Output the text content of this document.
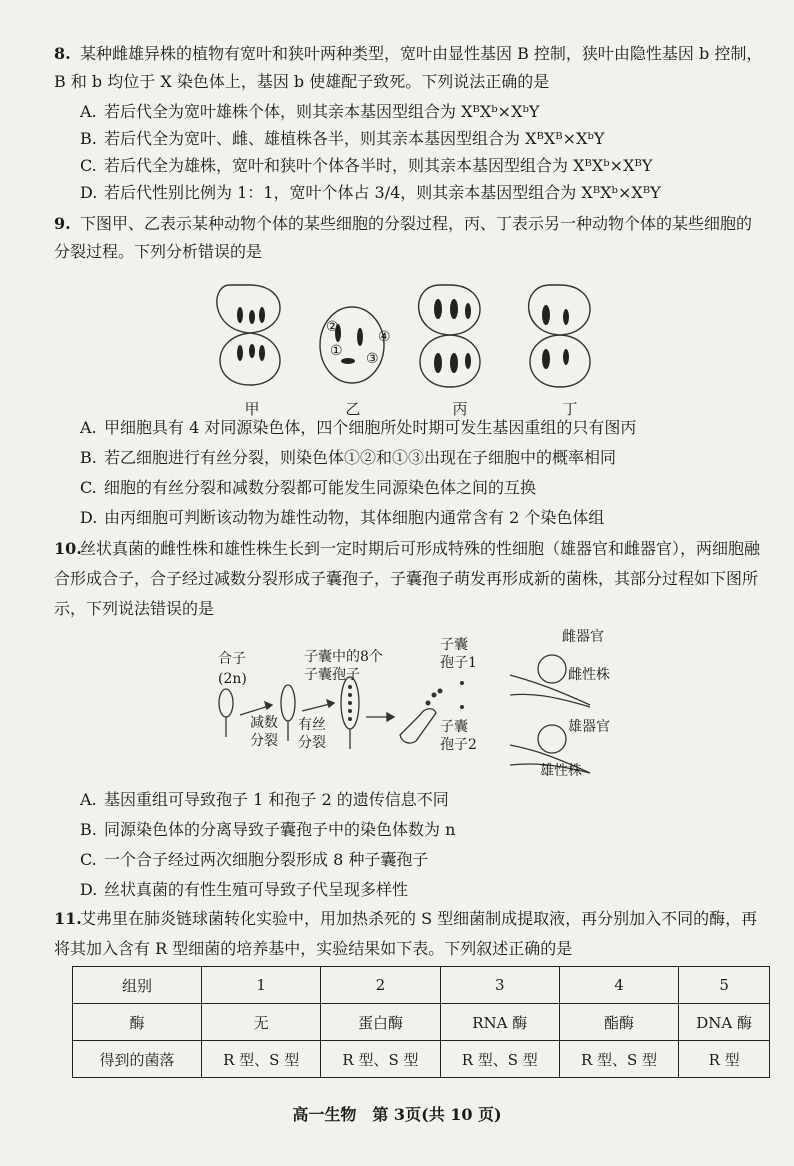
8. 某种雌雄异株的植物有宽叶和狭叶两种类型，宽叶由显性基因 B 控制，狭叶由隐性基因 b 控制，B 和 b 均位于 X 染色体上，基因 b 使雄配子致死。下列说法正确的是
A. 若后代全为宽叶雄株个体，则其亲本基因型组合为 XᴮXᵇ×XᵇY
B. 若后代全为宽叶、雌、雄植株各半，则其亲本基因型组合为 XᴮXᴮ×XᵇY
C. 若后代全为雄株，宽叶和狭叶个体各半时，则其亲本基因型组合为 XᴮXᵇ×XᴮY
D. 若后代性别比例为 1：1，宽叶个体占 3/4，则其亲本基因型组合为 XᴮXᵇ×XᴮY
9. 下图甲、乙表示某种动物个体的某些细胞的分裂过程，丙、丁表示另一种动物个体的某些细胞的分裂过程。下列分析错误的是
②
① ③
④
甲	乙	丙	丁
A. 甲细胞具有 4 对同源染色体，四个细胞所处时期可发生基因重组的只有图丙
B. 若乙细胞进行有丝分裂，则染色体①②和①③出现在子细胞中的概率相同
C. 细胞的有丝分裂和减数分裂都可能发生同源染色体之间的互换
D. 由丙细胞可判断该动物为雄性动物，其体细胞内通常含有 2 个染色体组
10.丝状真菌的雌性株和雄性株生长到一定时期后可形成特殊的性细胞（雄器官和雌器官），两细胞融合形成合子，合子经过减数分裂形成子囊孢子，子囊孢子萌发再形成新的菌株，其部分过程如下图所示，下列说法错误的是
合子
(2n)
子囊中的8个子囊孢子
减数分裂
有丝分裂
子囊孢子1
子囊孢子2
雌器官
雌性株
雄器官
雄性株
A. 基因重组可导致孢子 1 和孢子 2 的遗传信息不同
B. 同源染色体的分离导致子囊孢子中的染色体数为 n
C. 一个合子经过两次细胞分裂形成 8 种子囊孢子
D. 丝状真菌的有性生殖可导致子代呈现多样性
11.艾弗里在肺炎链球菌转化实验中，用加热杀死的 S 型细菌制成提取液，再分别加入不同的酶，再将其加入含有 R 型细菌的培养基中，实验结果如下表。下列叙述正确的是
组别	1	2	3	4	5
酶	无	蛋白酶	RNA 酶	酯酶	DNA 酶
得到的菌落	R 型、S 型	R 型、S 型	R 型、S 型	R 型、S 型	R 型
高一生物　第 3页(共 10 页)
